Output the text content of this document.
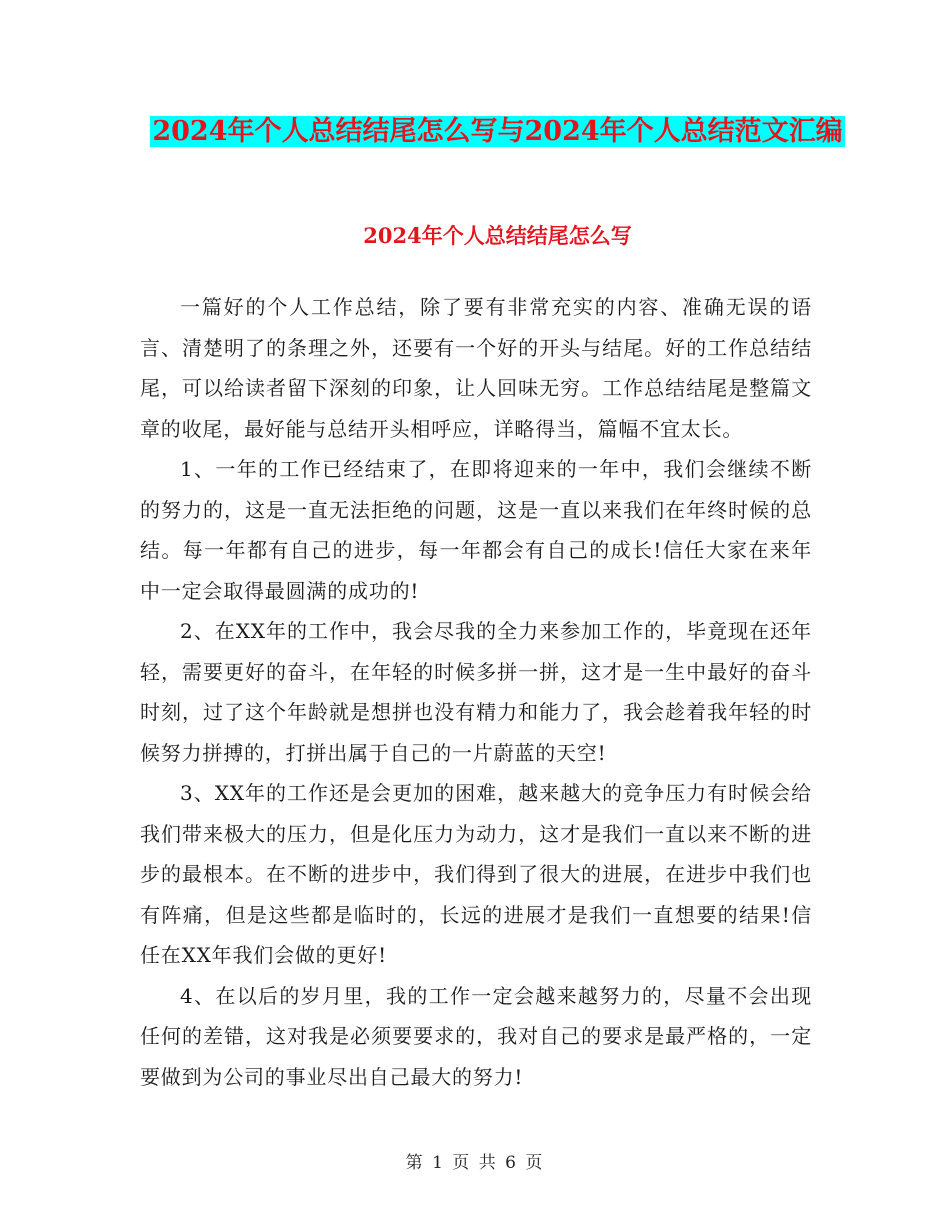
2024年个人总结结尾怎么写与2024年个人总结范文汇编
2024年个人总结结尾怎么写

一篇好的个人工作总结，除了要有非常充实的内容、准确无误的语言、清楚明了的条理之外，还要有一个好的开头与结尾。好的工作总结结尾，可以给读者留下深刻的印象，让人回味无穷。工作总结结尾是整篇文章的收尾，最好能与总结开头相呼应，详略得当，篇幅不宜太长。

1、一年的工作已经结束了，在即将迎来的一年中，我们会继续不断的努力的，这是一直无法拒绝的问题，这是一直以来我们在年终时候的总结。每一年都有自己的进步，每一年都会有自己的成长!信任大家在来年中一定会取得最圆满的成功的!

2、在XX年的工作中，我会尽我的全力来参加工作的，毕竟现在还年轻，需要更好的奋斗，在年轻的时候多拼一拼，这才是一生中最好的奋斗时刻，过了这个年龄就是想拼也没有精力和能力了，我会趁着我年轻的时候努力拼搏的，打拼出属于自己的一片蔚蓝的天空!

3、XX年的工作还是会更加的困难，越来越大的竞争压力有时候会给我们带来极大的压力，但是化压力为动力，这才是我们一直以来不断的进步的最根本。在不断的进步中，我们得到了很大的进展，在进步中我们也有阵痛，但是这些都是临时的，长远的进展才是我们一直想要的结果!信任在XX年我们会做的更好!

4、在以后的岁月里，我的工作一定会越来越努力的，尽量不会出现任何的差错，这对我是必须要要求的，我对自己的要求是最严格的，一定要做到为公司的事业尽出自己最大的努力!

第 1 页 共 6 页
